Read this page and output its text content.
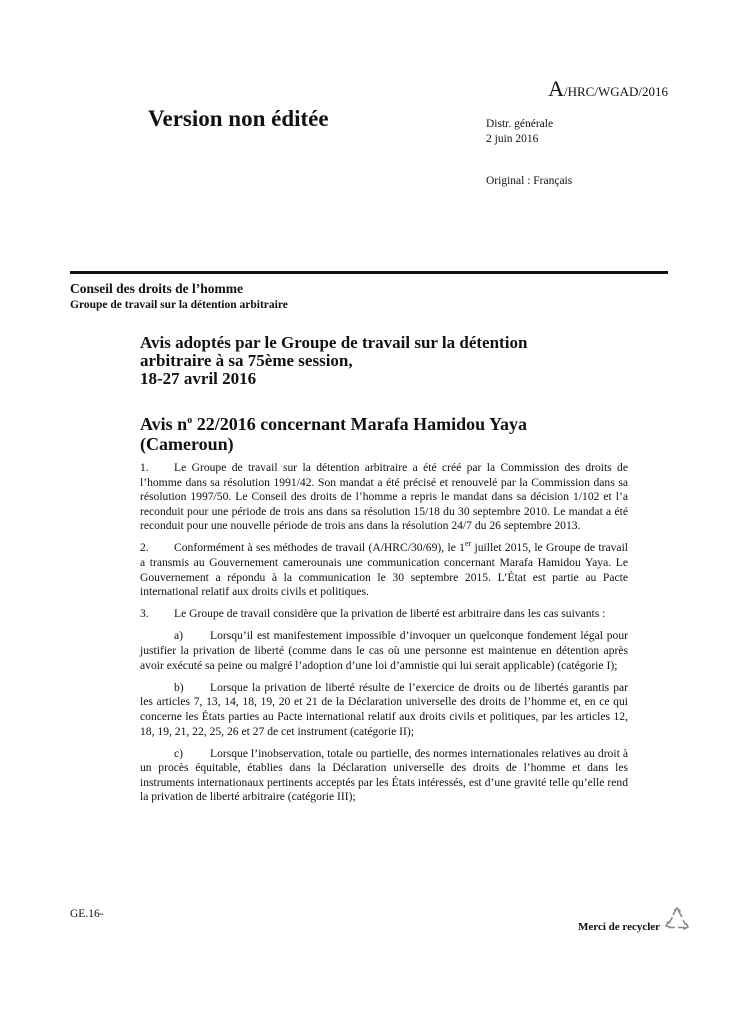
A/HRC/WGAD/2016
Version non éditée	Distr. générale
2 juin 2016
Original : Français
Conseil des droits de l’homme
Groupe de travail sur la détention arbitraire
Avis adoptés par le Groupe de travail sur la détention
arbitraire à sa 75ème session,
18-27 avril 2016
Avis $n^o$ 22/2016 concernant Marafa Hamidou Yaya
(Cameroun)

1. Le Groupe de travail sur la détention arbitraire a été créé par la Commission des droits de l’homme dans sa résolution 1991/42. Son mandat a été précisé et renouvelé par la Commission dans sa résolution 1997/50. Le Conseil des droits de l’homme a repris le mandat dans sa décision 1/102 et l’a reconduit pour une période de trois ans dans sa résolution 15/18 du 30 septembre 2010. Le mandat a été reconduit pour une nouvelle période de trois ans dans la résolution 24/7 du 26 septembre 2013.

2. Conformément à ses méthodes de travail (A/HRC/30/69), le 1er juillet 2015, le Groupe de travail a transmis au Gouvernement camerounais une communication concernant Marafa Hamidou Yaya. Le Gouvernement a répondu à la communication le 30 septembre 2015. L’État est partie au Pacte international relatif aux droits civils et politiques.

3. Le Groupe de travail considère que la privation de liberté est arbitraire dans les cas suivants :

a) Lorsqu’il est manifestement impossible d’invoquer un quelconque fondement légal pour justifier la privation de liberté (comme dans le cas où une personne est maintenue en détention après avoir exécuté sa peine ou malgré l’adoption d’une loi d’amnistie qui lui serait applicable) (catégorie I);

b) Lorsque la privation de liberté résulte de l’exercice de droits ou de libertés garantis par les articles 7, 13, 14, 18, 19, 20 et 21 de la Déclaration universelle des droits de l’homme et, en ce qui concerne les États parties au Pacte international relatif aux droits civils et politiques, par les articles 12, 18, 19, 21, 22, 25, 26 et 27 de cet instrument (catégorie II);

c) Lorsque l’inobservation, totale ou partielle, des normes internationales relatives au droit à un procès équitable, établies dans la Déclaration universelle des droits de l’homme et dans les instruments internationaux pertinents acceptés par les États intéressés, est d’une gravité telle qu’elle rend la privation de liberté arbitraire (catégorie III);

GE.16-
Merci de recycler
